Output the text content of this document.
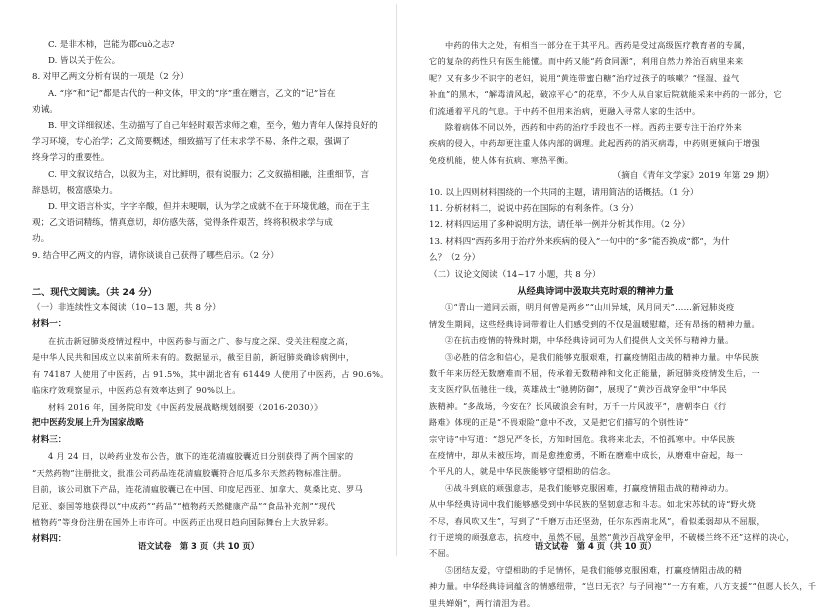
C. 是非木柿，岂能为郡cuò之志?
D. 皆以关于佐公。
8. 对甲乙两文分析有误的一项是（2 分）
A. “序”和“记”都是古代的一种文体，甲文的“序”重在赠言，乙文的“记”旨在
劝诫。
B. 甲文详细叙述、生动描写了自己年轻时艰苦求师之难，至今，勉力青年人保持良好的
学习环境，专心治学；乙文简要概述，细致描写了任末求学不易、条件之艰，强调了
终身学习的重要性。
C. 甲文叙议结合，以叙为主，对比鲜明，很有说服力；乙文叙描相融，注重细节，言
辞恳切，极富感染力。
D. 甲文语言朴实，字字辛酸，但并未哽咽，认为学之成就不在于环境优越，而在于主
观；乙文语词精练，情真意切，却仿感失落，觉得条件艰苦，终将积极求学与成
功。
9. 结合甲乙两文的内容，请你谈谈自己获得了哪些启示。（2 分）
二、现代文阅读。（共 24 分）
（一）非连续性文本阅读（10~13 题，共 8 分）
材料一：
在抗击新冠肺炎疫情过程中，中医药参与面之广、参与度之深、受关注程度之高，
是中华人民共和国成立以来前所未有的。数据显示，截至目前，新冠肺炎确诊病例中，
有 74187 人使用了中医药，占 91.5%，其中湖北省有 61449 人使用了中医药，占 90.6%。
临床疗效观察显示，中医药总有效率达到了 90%以上。
材料 2016 年，国务院印发《中医药发展战略规划纲要（2016-2030）》
把中医药发展上升为国家战略
材料三：
4 月 24 日，以岭药业发布公告，旗下的连花清瘟胶囊近日分别获得了两个国家的
“天然药物”注册批文，批准公司药品连花清瘟胶囊符合厄瓜多尔天然药物标准注册。
目前，该公司旗下产品，连花清瘟胶囊已在中国、印度尼西亚、加拿大、莫桑比克、罗马
尼亚、泰国等地获得以“中成药”“药品”“植物药天然健康产品”“食品补充剂”“现代
植物药”等身份注册在国外上市许可。中医药正出现日趋向国际舞台上大放异彩。
材料四：
语文试卷　第 3 页（共 10 页）
中药的伟大之处，有相当一部分在于其平凡。西药是受过高级医疗教育者的专属，
它的复杂的药性只有医生能懂。而中药又能“药食同源”，利用自然力养治百病里来来
呢？又有多少不识字的老妇，说用“黄连带蜜白糖”治疗过孩子的咳嗽？“怪湿、益气
补血”的黑木，“解毒清风起，破凉平心”的花草，不少人从自家后院就能采来中药的一部分，它
们流通着平凡的气息。于中药不但用来治病，更融入寻常人家的生活中。
除着病体不同以外，西药和中药的治疗手段也不一样。西药主要专注于治疗外来
疾病的侵入，中药却更注重人体内部的调理。此起西药的消灭病毒，中药则更倾向于增强
免疫机能，使人体有抗病、寒热平衡。
（摘自《青年文学家》2019 年第 29 期）
10. 以上四则材料围绕的一个共同的主题，请用简洁的话概括。（1 分）
11. 分析材料二，说说中药在国际的有利条件。（3 分）
12. 材料四运用了多种说明方法，请任举一例并分析其作用。（2 分）
13. 材料四“西药多用于治疗外来疾病的侵入”一句中的“多”能否换成“都”，为什
么？（2 分）
（二）议论文阅读（14~17 小题，共 8 分）
从经典诗词中汲取共克时艰的精神力量
①“青山一道同云雨，明月何曾是两乡”“山川异域，风月同天”……新冠肺炎疫
情发生期间，这些经典诗词带着让人们感受到的不仅是温暖慰藉，还有昂扬的精神力量。
②在抗击疫情的特殊时期，中华经典诗词可为人们提供人文关怀与精神力量。
③必胜的信念和信心，是我们能够克服艰难，打赢疫情阻击战的精神力量。中华民族
数千年来历经无数磨难而不屈，传承着无数精神和文化正能量，新冠肺炎疫情发生后，一
支支医疗队伍驰往一线，英雄战士“驰骋防御”，展现了“黄沙百战穿金甲”中华民
族精神。“多战场，今安在？长风破浪会有时，万千一片风波平”，唐朝李白《行
路难》体现的正是“不畏艰险“意中不改，又是把它们描写的个别性诗”
宗守诗”中写道：“怨兄严冬长，方知时国危。我将来北去，不怕孤寒中。中华民族
在疫情中，却从未被压垮，而是愈挫愈勇，不断在磨难中成长，从磨难中奋起，每一
个平凡的人，就是中华民族能够守望相助的信念。
④战斗到底的顽强意志，是我们能够克服困难，打赢疫情阻击战的精神动力。
从中华经典诗词中我们能够感受到中华民族的坚韧意志和斗志。如北宋苏轼的诗“野火烧
不尽，春风吹又生”，写到了“千磨万击还坚劲，任尔东西南北风”，看似柔弱却从不屈服，
行于逆境的顽强意志，抗疫中，虽然不屈，虽然“黄沙百战穿金甲，不破楼兰终不还”这样的决心，
不屈。
⑤团结友爱，守望相助的手足情怀，是我们能够克服困难，打赢疫情阻击战的精
神力量。中华经典诗词蕴含的情感纽带，“岂曰无衣？与子同袍”“一方有难，八方支援”“但愿人长久，千
里共婵娟”，两行清泪为君。
语文试卷　第 4 页（共 10 页）
